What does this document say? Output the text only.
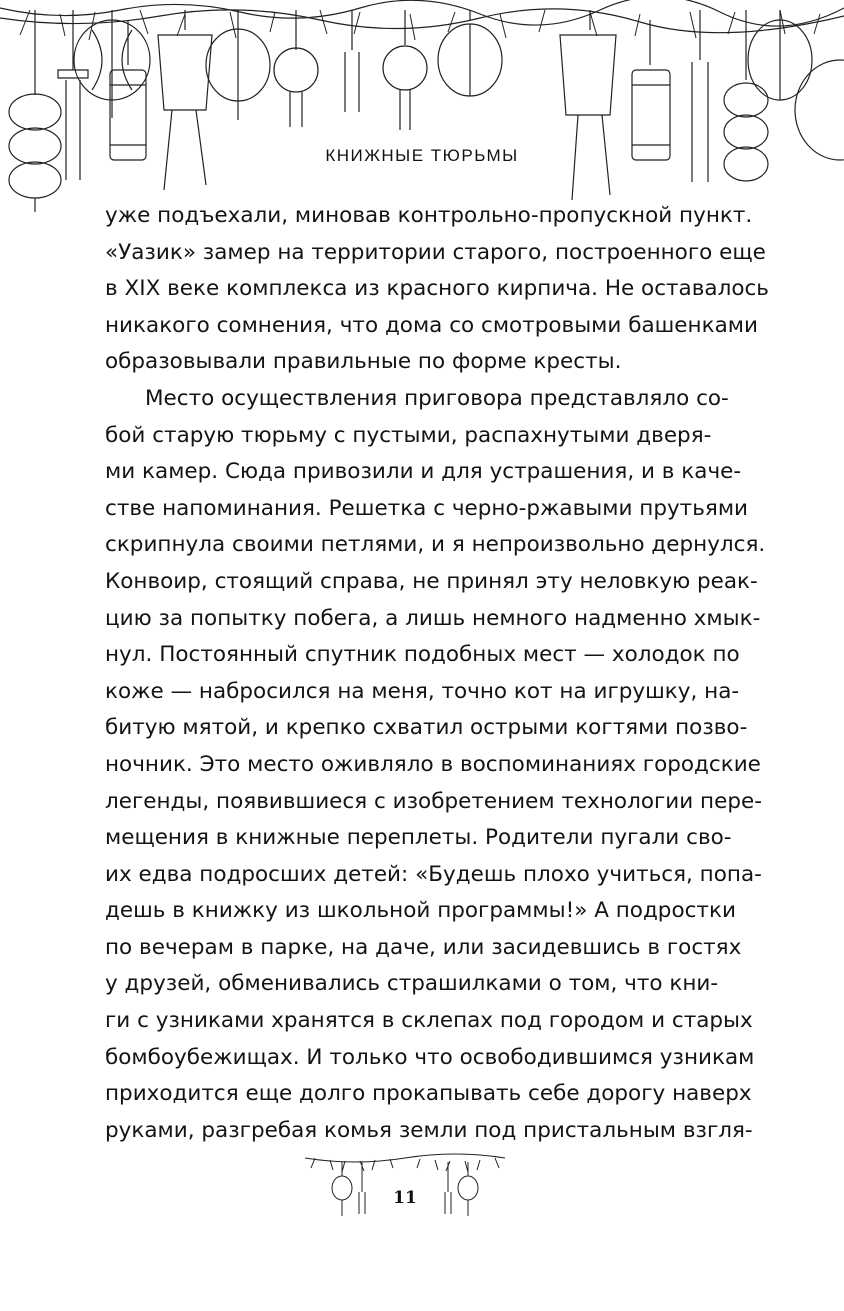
КНИЖНЫЕ ТЮРЬМЫ
уже подъехали, миновав контрольно-пропускной пункт.
«Уазик» замер на территории старого, построенного еще
в XIX веке комплекса из красного кирпича. Не оставалось
никакого сомнения, что дома со смотровыми башенками
образовывали правильные по форме кресты.
Место осуществления приговора представляло со-
бой старую тюрьму с пустыми, распахнутыми дверя-
ми камер. Сюда привозили и для устрашения, и в каче-
стве напоминания. Решетка с черно-ржавыми прутьями
скрипнула своими петлями, и я непроизвольно дернулся.
Конвоир, стоящий справа, не принял эту неловкую реак-
цию за попытку побега, а лишь немного надменно хмык-
нул. Постоянный спутник подобных мест — холодок по
коже — набросился на меня, точно кот на игрушку, на-
битую мятой, и крепко схватил острыми когтями позво-
ночник. Это место оживляло в воспоминаниях городские
легенды, появившиеся с изобретением технологии пере-
мещения в книжные переплеты. Родители пугали сво-
их едва подросших детей: «Будешь плохо учиться, попа-
дешь в книжку из школьной программы!» А подростки
по вечерам в парке, на даче, или засидевшись в гостях
у друзей, обменивались страшилками о том, что кни-
ги с узниками хранятся в склепах под городом и старых
бомбоубежищах. И только что освободившимся узникам
приходится еще долго прокапывать себе дорогу наверх
руками, разгребая комья земли под пристальным взгля-
11
